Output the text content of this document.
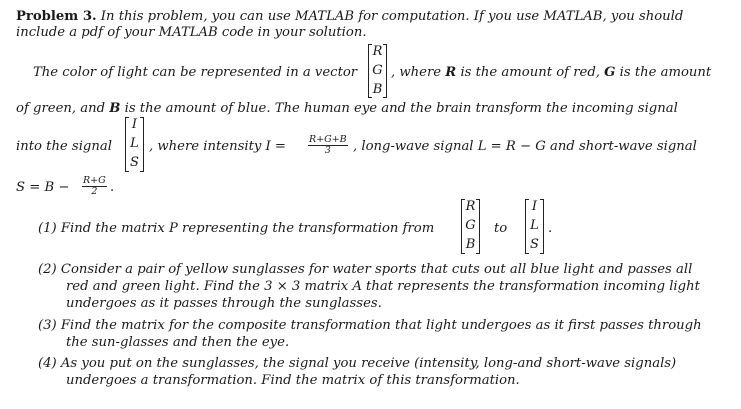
Problem 3. In this problem, you can use MATLAB for computation. If you use MATLAB, you should
include a pdf of your MATLAB code in your solution.
The color of light can be represented in a vector
R
G
B
, where R is the amount of red, G is the amount
of green, and B is the amount of blue. The human eye and the brain transform the incoming signal
into the signal
I
L
S
, where intensity $I = \frac{R+G+B}{3}$ , long-wave signal L = R − G and short-wave signal
$S = B - \frac{R+G}{2}$ .
(1) Find the matrix P representing the transformation from
R
G
B
to
I
L
S
.
(2) Consider a pair of yellow sunglasses for water sports that cuts out all blue light and passes all
red and green light. Find the 3 × 3 matrix A that represents the transformation incoming light
undergoes as it passes through the sunglasses.
(3) Find the matrix for the composite transformation that light undergoes as it first passes through
the sun-glasses and then the eye.
(4) As you put on the sunglasses, the signal you receive (intensity, long-and short-wave signals)
undergoes a transformation. Find the matrix of this transformation.
